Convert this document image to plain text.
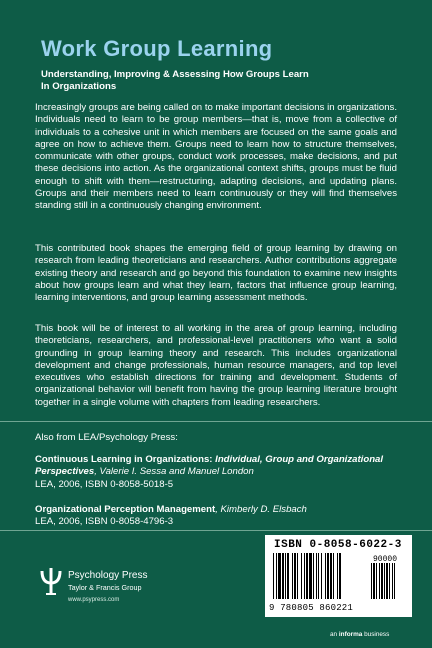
Work Group Learning
Understanding, Improving & Assessing How Groups Learn
In Organizations
Increasingly groups are being called on to make important decisions in organizations. Individuals need to learn to be group members—that is, move from a collective of individuals to a cohesive unit in which members are focused on the same goals and agree on how to achieve them. Groups need to learn how to structure themselves, communicate with other groups, conduct work processes, make decisions, and put these decisions into action. As the organizational context shifts, groups must be fluid enough to shift with them—restructuring, adapting decisions, and updating plans. Groups and their members need to learn continuously or they will find themselves standing still in a continuously changing environment.
This contributed book shapes the emerging field of group learning by drawing on research from leading theoreticians and researchers. Author contributions aggregate existing theory and research and go beyond this foundation to examine new insights about how groups learn and what they learn, factors that influence group learning, learning interventions, and group learning assessment methods.
This book will be of interest to all working in the area of group learning, including theoreticians, researchers, and professional-level practitioners who want a solid grounding in group learning theory and research. This includes organizational development and change professionals, human resource managers, and top level executives who establish directions for training and development. Students of organizational behavior will benefit from having the group learning literature brought together in a single volume with chapters from leading researchers.
Also from LEA/Psychology Press:
Continuous Learning in Organizations: Individual, Group and Organizational Perspectives, Valerie I. Sessa and Manuel London
LEA, 2006, ISBN 0-8058-5018-5
Organizational Perception Management, Kimberly D. Elsbach
LEA, 2006, ISBN 0-8058-4796-3
Psychology Press
Taylor & Francis Group
www.psypress.com
ISBN 0-8058-6022-3
90000
9 780805 860221
an informa business
